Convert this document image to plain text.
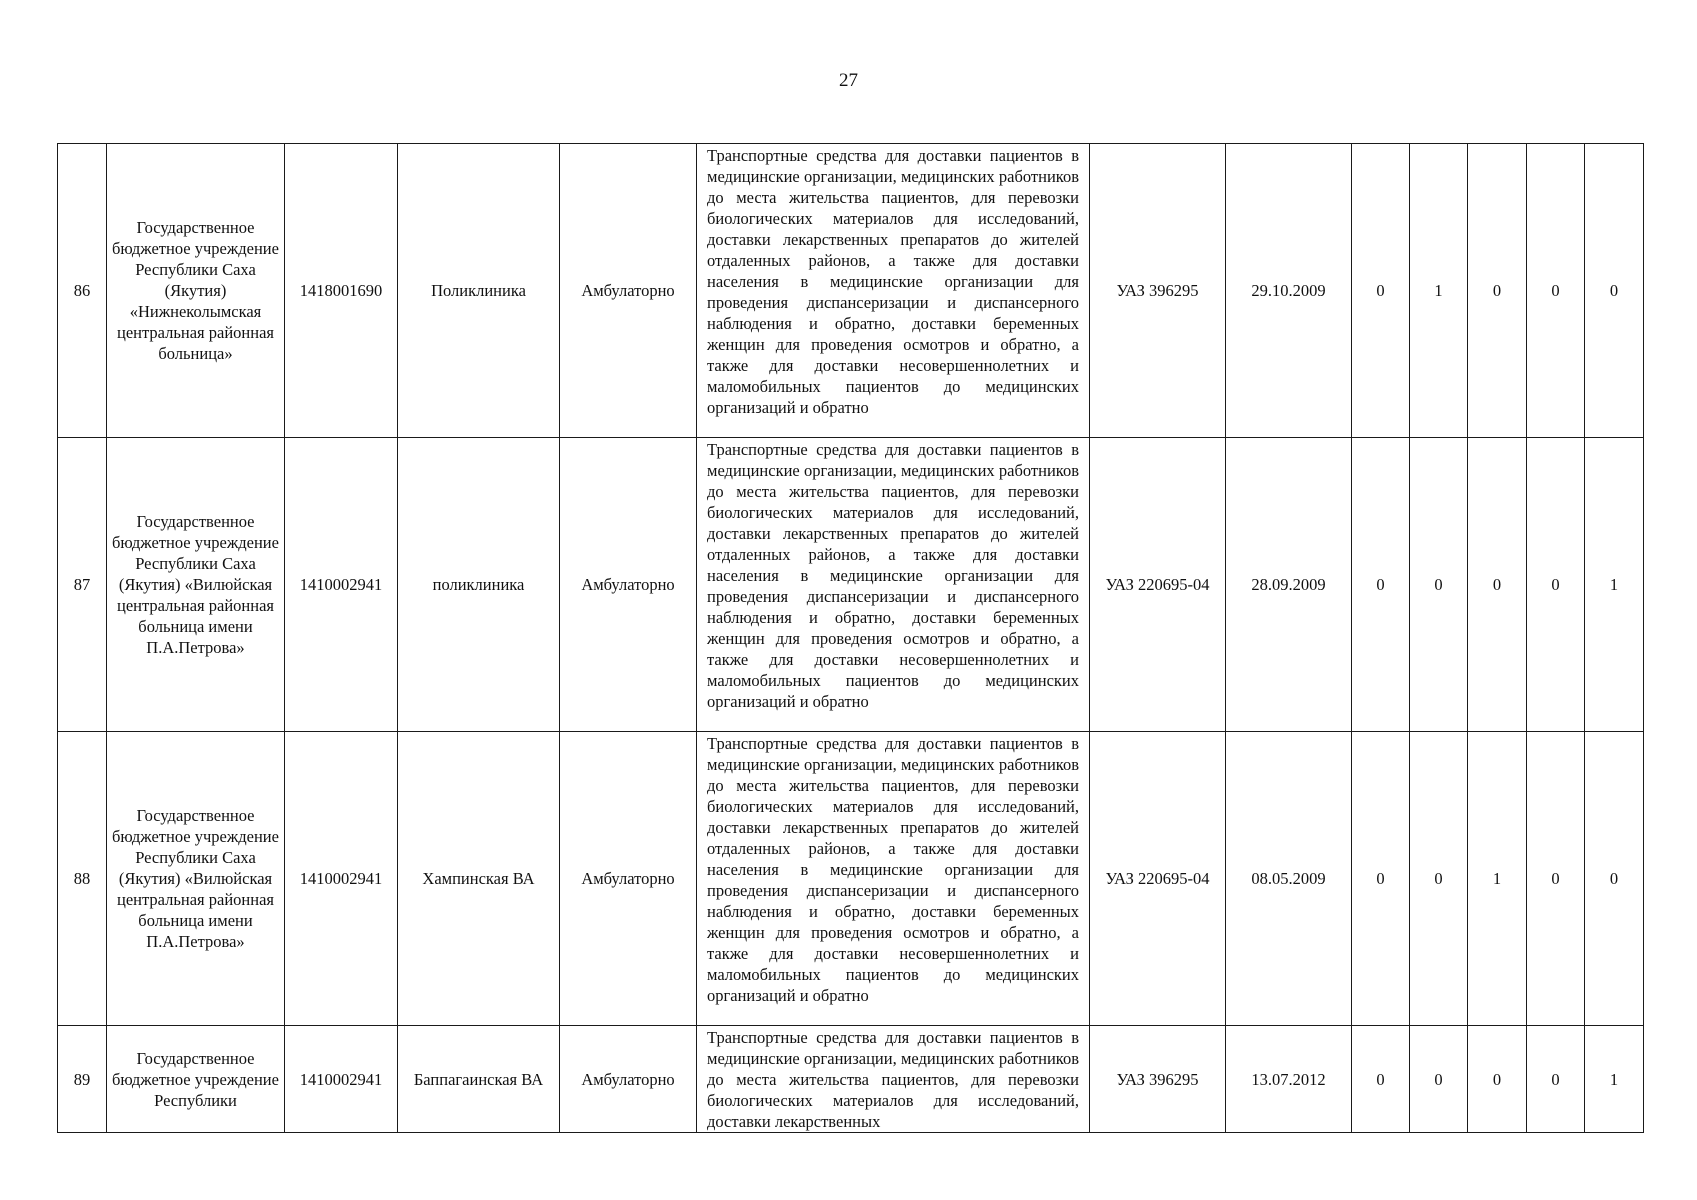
27
86	Государственное бюджетное учреждение Республики Саха (Якутия) «Нижнеколымская центральная районная больница»	1418001690	Поликлиника	Амбулаторно	Транспортные средства для доставки пациентов в медицинские организации, медицинских работников до места жительства пациентов, для перевозки биологических материалов для исследований, доставки лекарственных препаратов до жителей отдаленных районов, а также для доставки населения в медицинские организации для проведения диспансеризации и диспансерного наблюдения и обратно, доставки беременных женщин для проведения осмотров и обратно, а также для доставки несовершеннолетних и маломобильных пациентов до медицинских организаций и обратно	УАЗ 396295	29.10.2009	0	1	0	0	0
87	Государственное бюджетное учреждение Республики Саха (Якутия) «Вилюйская центральная районная больница имени П.А.Петрова»	1410002941	поликлиника	Амбулаторно	Транспортные средства для доставки пациентов в медицинские организации, медицинских работников до места жительства пациентов, для перевозки биологических материалов для исследований, доставки лекарственных препаратов до жителей отдаленных районов, а также для доставки населения в медицинские организации для проведения диспансеризации и диспансерного наблюдения и обратно, доставки беременных женщин для проведения осмотров и обратно, а также для доставки несовершеннолетних и маломобильных пациентов до медицинских организаций и обратно	УАЗ 220695-04	28.09.2009	0	0	0	0	1
88	Государственное бюджетное учреждение Республики Саха (Якутия) «Вилюйская центральная районная больница имени П.А.Петрова»	1410002941	Хампинская ВА	Амбулаторно	Транспортные средства для доставки пациентов в медицинские организации, медицинских работников до места жительства пациентов, для перевозки биологических материалов для исследований, доставки лекарственных препаратов до жителей отдаленных районов, а также для доставки населения в медицинские организации для проведения диспансеризации и диспансерного наблюдения и обратно, доставки беременных женщин для проведения осмотров и обратно, а также для доставки несовершеннолетних и маломобильных пациентов до медицинских организаций и обратно	УАЗ 220695-04	08.05.2009	0	0	1	0	0
89	Государственное бюджетное учреждение Республики	1410002941	Баппагаинская ВА	Амбулаторно	Транспортные средства для доставки пациентов в медицинские организации, медицинских работников до места жительства пациентов, для перевозки биологических материалов для исследований, доставки лекарственных	УАЗ 396295	13.07.2012	0	0	0	0	1
